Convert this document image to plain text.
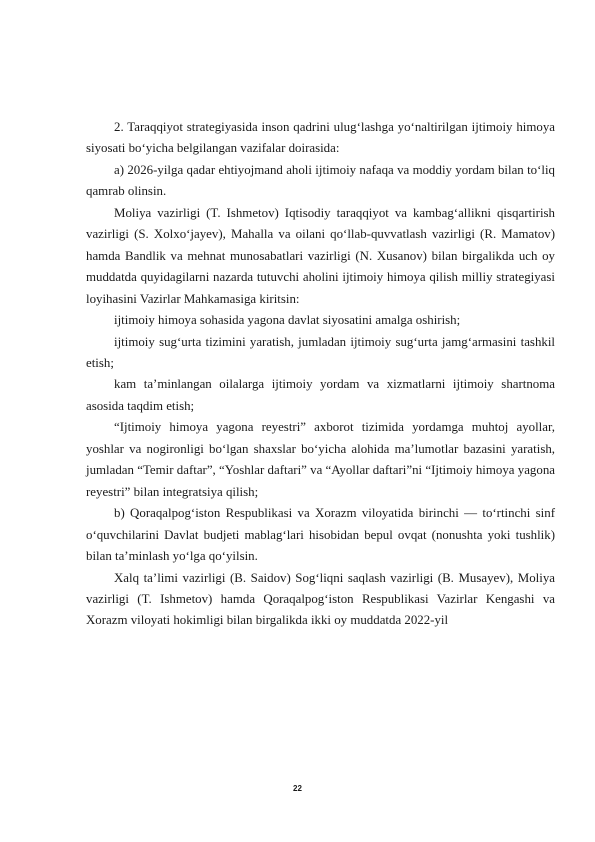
2. Taraqqiyot strategiyasida inson qadrini ulug‘lashga yo‘naltirilgan ijtimoiy himoya siyosati bo‘yicha belgilangan vazifalar doirasida:

a) 2026-yilga qadar ehtiyojmand aholi ijtimoiy nafaqa va moddiy yordam bilan to‘liq qamrab olinsin.

Moliya vazirligi (T. Ishmetov) Iqtisodiy taraqqiyot va kambag‘allikni qisqartirish vazirligi (S. Xolxo‘jayev), Mahalla va oilani qo‘llab-quvvatlash vazirligi (R. Mamatov) hamda Bandlik va mehnat munosabatlari vazirligi (N. Xusanov) bilan birgalikda uch oy muddatda quyidagilarni nazarda tutuvchi aholini ijtimoiy himoya qilish milliy strategiyasi loyihasini Vazirlar Mahkamasiga kiritsin:

ijtimoiy himoya sohasida yagona davlat siyosatini amalga oshirish;

ijtimoiy sug‘urta tizimini yaratish, jumladan ijtimoiy sug‘urta jamg‘armasini tashkil etish;

kam ta’minlangan oilalarga ijtimoiy yordam va xizmatlarni ijtimoiy shartnoma asosida taqdim etish;

“Ijtimoiy himoya yagona reyestri” axborot tizimida yordamga muhtoj ayollar, yoshlar va nogironligi bo‘lgan shaxslar bo‘yicha alohida ma’lumotlar bazasini yaratish, jumladan “Temir daftar”, “Yoshlar daftari” va “Ayollar daftari”ni “Ijtimoiy himoya yagona reyestri” bilan integratsiya qilish;

b) Qoraqalpog‘iston Respublikasi va Xorazm viloyatida birinchi — to‘rtinchi sinf o‘quvchilarini Davlat budjeti mablag‘lari hisobidan bepul ovqat (nonushta yoki tushlik) bilan ta’minlash yo‘lga qo‘yilsin.

Xalq ta’limi vazirligi (B. Saidov) Sog‘liqni saqlash vazirligi (B. Musayev), Moliya vazirligi (T. Ishmetov) hamda Qoraqalpog‘iston Respublikasi Vazirlar Kengashi va Xorazm viloyati hokimligi bilan birgalikda ikki oy muddatda 2022-yil

22
